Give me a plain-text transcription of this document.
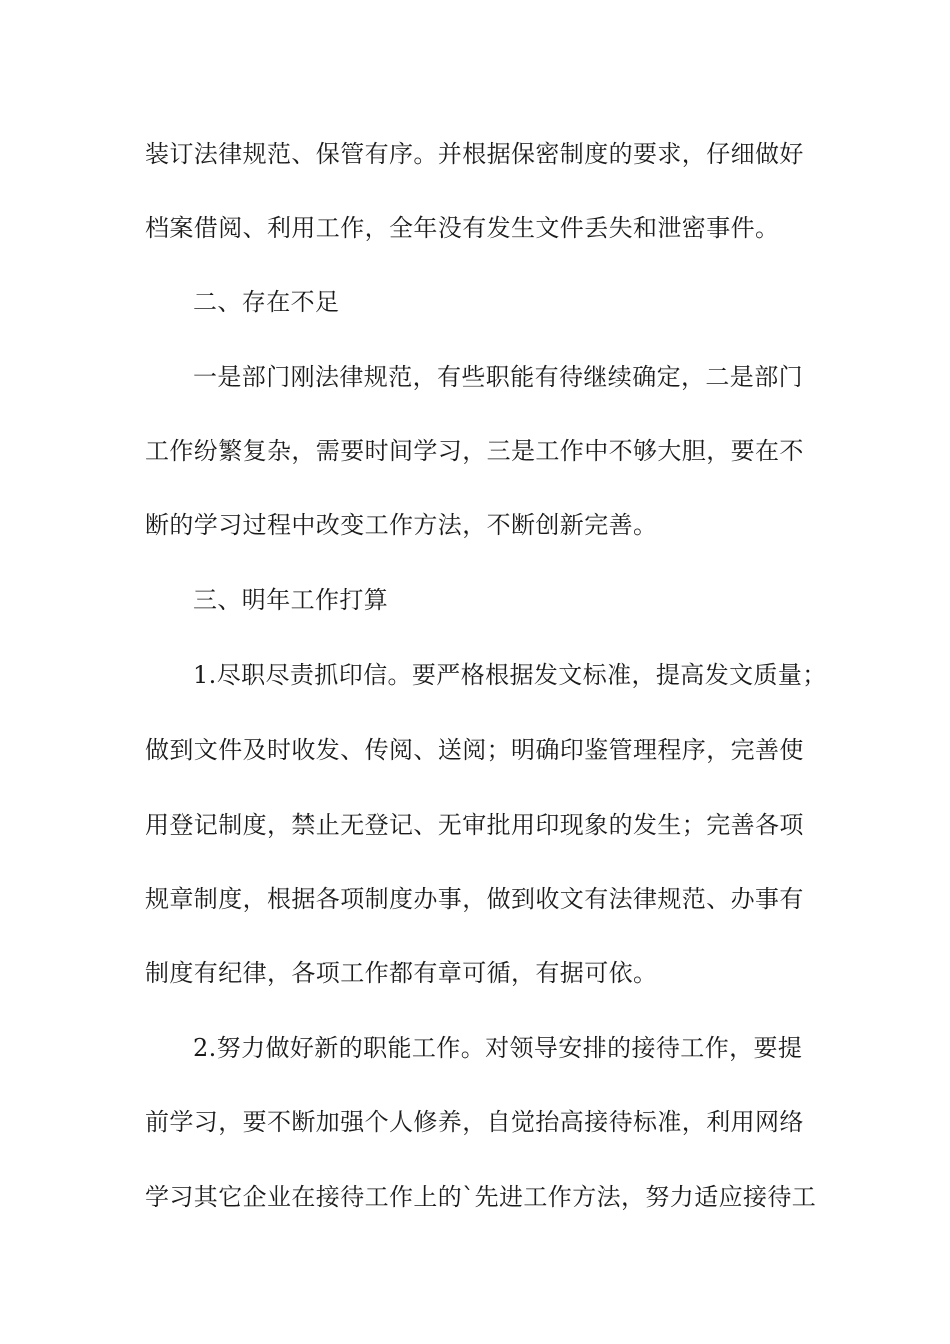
装订法律规范、保管有序。并根据保密制度的要求，仔细做好
档案借阅、利用工作，全年没有发生文件丢失和泄密事件。
二、存在不足
一是部门刚法律规范，有些职能有待继续确定，二是部门
工作纷繁复杂，需要时间学习，三是工作中不够大胆，要在不
断的学习过程中改变工作方法，不断创新完善。
三、明年工作打算
1.尽职尽责抓印信。要严格根据发文标准，提高发文质量；
做到文件及时收发、传阅、送阅；明确印鉴管理程序，完善使
用登记制度，禁止无登记、无审批用印现象的发生；完善各项
规章制度，根据各项制度办事，做到收文有法律规范、办事有
制度有纪律，各项工作都有章可循，有据可依。
2.努力做好新的职能工作。对领导安排的接待工作，要提
前学习，要不断加强个人修养，自觉抬高接待标准，利用网络
学习其它企业在接待工作上的`先进工作方法，努力适应接待工
